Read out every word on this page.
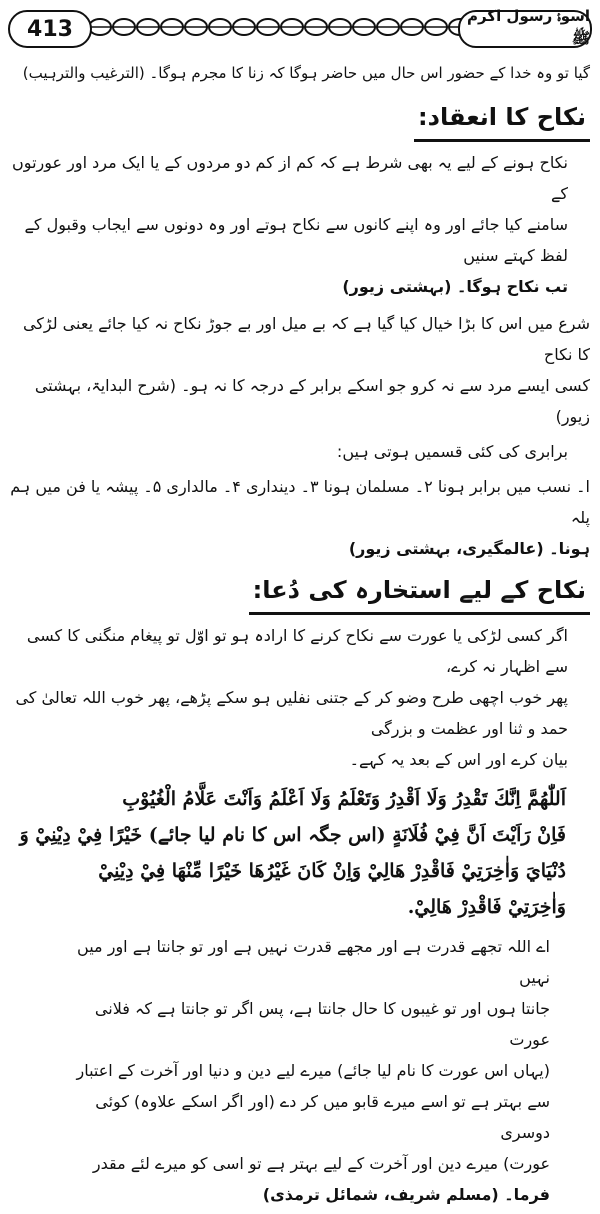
413
اسوۂ رسول اکرم ﷺ

گیا تو وہ خدا کے حضور اس حال میں حاضر ہوگا کہ زنا کا مجرم ہوگا۔ (الترغیب والترہیب)

نکاح کا انعقاد:
نکاح ہونے کے لیے یہ بھی شرط ہے کہ کم از کم دو مردوں کے یا ایک مرد اور عورتوں کے
سامنے کیا جائے اور وہ اپنے کانوں سے نکاح ہوتے اور وہ دونوں سے ایجاب وقبول کے لفظ کہتے سنیں
تب نکاح ہوگا۔ (بہشتی زیور)
شرع میں اس کا بڑا خیال کیا گیا ہے کہ بے میل اور بے جوڑ نکاح نہ کیا جائے یعنی لڑکی کا نکاح
کسی ایسے مرد سے نہ کرو جو اسکے برابر کے درجہ کا نہ ہو۔ (شرح البدایۃ، بہشتی زیور)

برابری کی کئی قسمیں ہوتی ہیں:

ا۔ نسب میں برابر ہونا ۲۔ مسلمان ہونا ۳۔ دینداری ۴۔ مالداری ۵۔ پیشہ یا فن میں ہم پلہ
ہونا۔ (عالمگیری، بہشتی زیور)
نکاح کے لیے استخارہ کی دُعا:
اگر کسی لڑکی یا عورت سے نکاح کرنے کا ارادہ ہو تو اوّل تو پیغام منگنی کا کسی سے اظہار نہ کرے،
پھر خوب اچھی طرح وضو کر کے جتنی نفلیں ہو سکے پڑھے، پھر خوب اللہ تعالیٰ کی حمد و ثنا اور عظمت و بزرگی
بیان کرے اور اس کے بعد یہ کہے۔
اَللّٰهُمَّ اِنَّكَ تَقْدِرُ وَلَا اَقْدِرُ وَتَعْلَمُ وَلَا اَعْلَمُ وَاَنْتَ عَلَّامُ الْغُيُوْبِ
فَاِنْ رَاَيْتَ اَنَّ فِيْ فُلَانَةٍ (اس جگہ اس کا نام لیا جائے) خَيْرًا فِيْ دِيْنِيْ وَ
دُنْيَايَ وَاٰخِرَتِيْ فَاقْدِرْ هَالِيْ وَاِنْ كَانَ غَيْرُهَا خَيْرًا مِّنْهَا فِيْ دِيْنِيْ
وَاٰخِرَتِيْ فَاقْدِرْ هَالِيْ.
اے اللہ تجھے قدرت ہے اور مجھے قدرت نہیں ہے اور تو جانتا ہے اور میں نہیں
جانتا ہوں اور تو غیبوں کا حال جانتا ہے، پس اگر تو جانتا ہے کہ فلانی عورت
(یہاں اس عورت کا نام لیا جائے) میرے لیے دین و دنیا اور آخرت کے اعتبار
سے بہتر ہے تو اسے میرے قابو میں کر دے (اور اگر اسکے علاوہ) کوئی دوسری
عورت) میرے دین اور آخرت کے لیے بہتر ہے تو اسی کو میرے لئے مقدر
فرما۔ (مسلم شریف، شمائل ترمذی)
